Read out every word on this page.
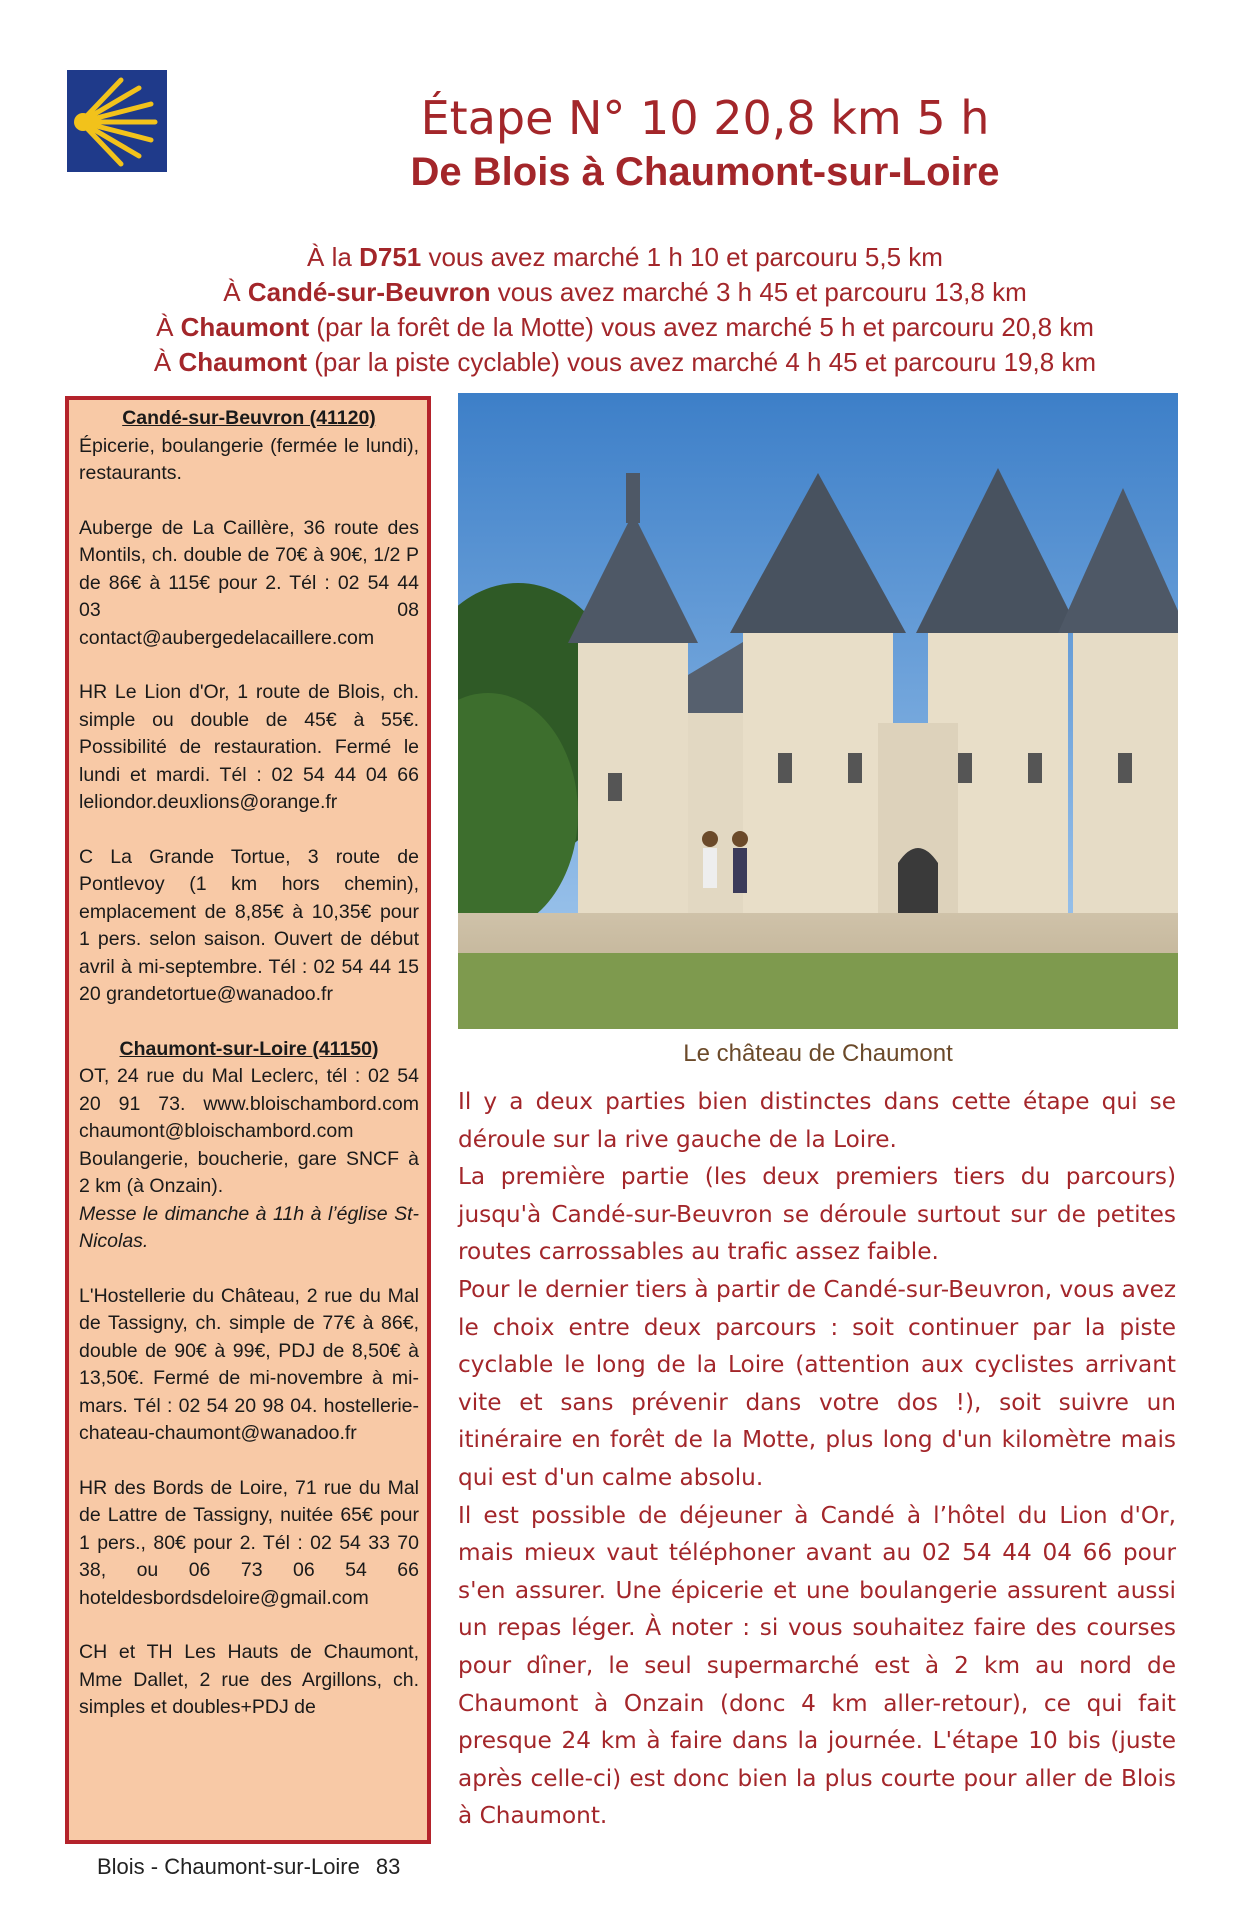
Étape N° 10 20,8 km 5 h
De Blois à Chaumont-sur-Loire

À la D751 vous avez marché 1 h 10 et parcouru 5,5 km

À Candé-sur-Beuvron vous avez marché 3 h 45 et parcouru 13,8 km

À Chaumont (par la forêt de la Motte) vous avez marché 5 h et parcouru 20,8 km

À Chaumont (par la piste cyclable) vous avez marché 4 h 45 et parcouru 19,8 km

Candé-sur-Beuvron (41120)

Épicerie, boulangerie (fermée le lundi), restaurants.

Auberge de La Caillère, 36 route des Montils, ch. double de 70€ à 90€, 1/2 P de 86€ à 115€ pour 2. Tél : 02 54 44 03 08 contact@aubergedelacaillere.com

HR Le Lion d'Or, 1 route de Blois, ch. simple ou double de 45€ à 55€. Possibilité de restauration. Fermé le lundi et mardi. Tél : 02 54 44 04 66 leliondor.deuxlions@orange.fr

C La Grande Tortue, 3 route de Pontlevoy (1 km hors chemin), emplacement de 8,85€ à 10,35€ pour 1 pers. selon saison. Ouvert de début avril à mi-septembre. Tél : 02 54 44 15 20 grandetortue@wanadoo.fr

Chaumont-sur-Loire (41150)

OT, 24 rue du Mal Leclerc, tél : 02 54 20 91 73. www.bloischambord.com chaumont@bloischambord.com Boulangerie, boucherie, gare SNCF à 2 km (à Onzain).

Messe le dimanche à 11h à l’église St-Nicolas.

L'Hostellerie du Château, 2 rue du Mal de Tassigny, ch. simple de 77€ à 86€, double de 90€ à 99€, PDJ de 8,50€ à 13,50€. Fermé de mi-novembre à mi-mars. Tél : 02 54 20 98 04. hostellerie-chateau-chaumont@wanadoo.fr

HR des Bords de Loire, 71 rue du Mal de Lattre de Tassigny, nuitée 65€ pour 1 pers., 80€ pour 2. Tél : 02 54 33 70 38, ou 06 73 06 54 66 hoteldesbordsdeloire@gmail.com

CH et TH Les Hauts de Chaumont, Mme Dallet, 2 rue des Argillons, ch. simples et doubles+PDJ de

Le château de Chaumont

Il y a deux parties bien distinctes dans cette étape qui se déroule sur la rive gauche de la Loire.

La première partie (les deux premiers tiers du parcours) jusqu'à Candé-sur-Beuvron se déroule surtout sur de petites routes carrossables au trafic assez faible.

Pour le dernier tiers à partir de Candé-sur-Beuvron, vous avez le choix entre deux parcours : soit continuer par la piste cyclable le long de la Loire (attention aux cyclistes arrivant vite et sans prévenir dans votre dos !), soit suivre un itinéraire en forêt de la Motte, plus long d'un kilomètre mais qui est d'un calme absolu.

Il est possible de déjeuner à Candé à l’hôtel du Lion d'Or, mais mieux vaut téléphoner avant au 02 54 44 04 66 pour s'en assurer. Une épicerie et une boulangerie assurent aussi un repas léger. À noter : si vous souhaitez faire des courses pour dîner, le seul supermarché est à 2 km au nord de Chaumont à Onzain (donc 4 km aller-retour), ce qui fait presque 24 km à faire dans la journée. L'étape 10 bis (juste après celle-ci) est donc bien la plus courte pour aller de Blois à Chaumont.

Blois - Chaumont-sur-Loire 83
